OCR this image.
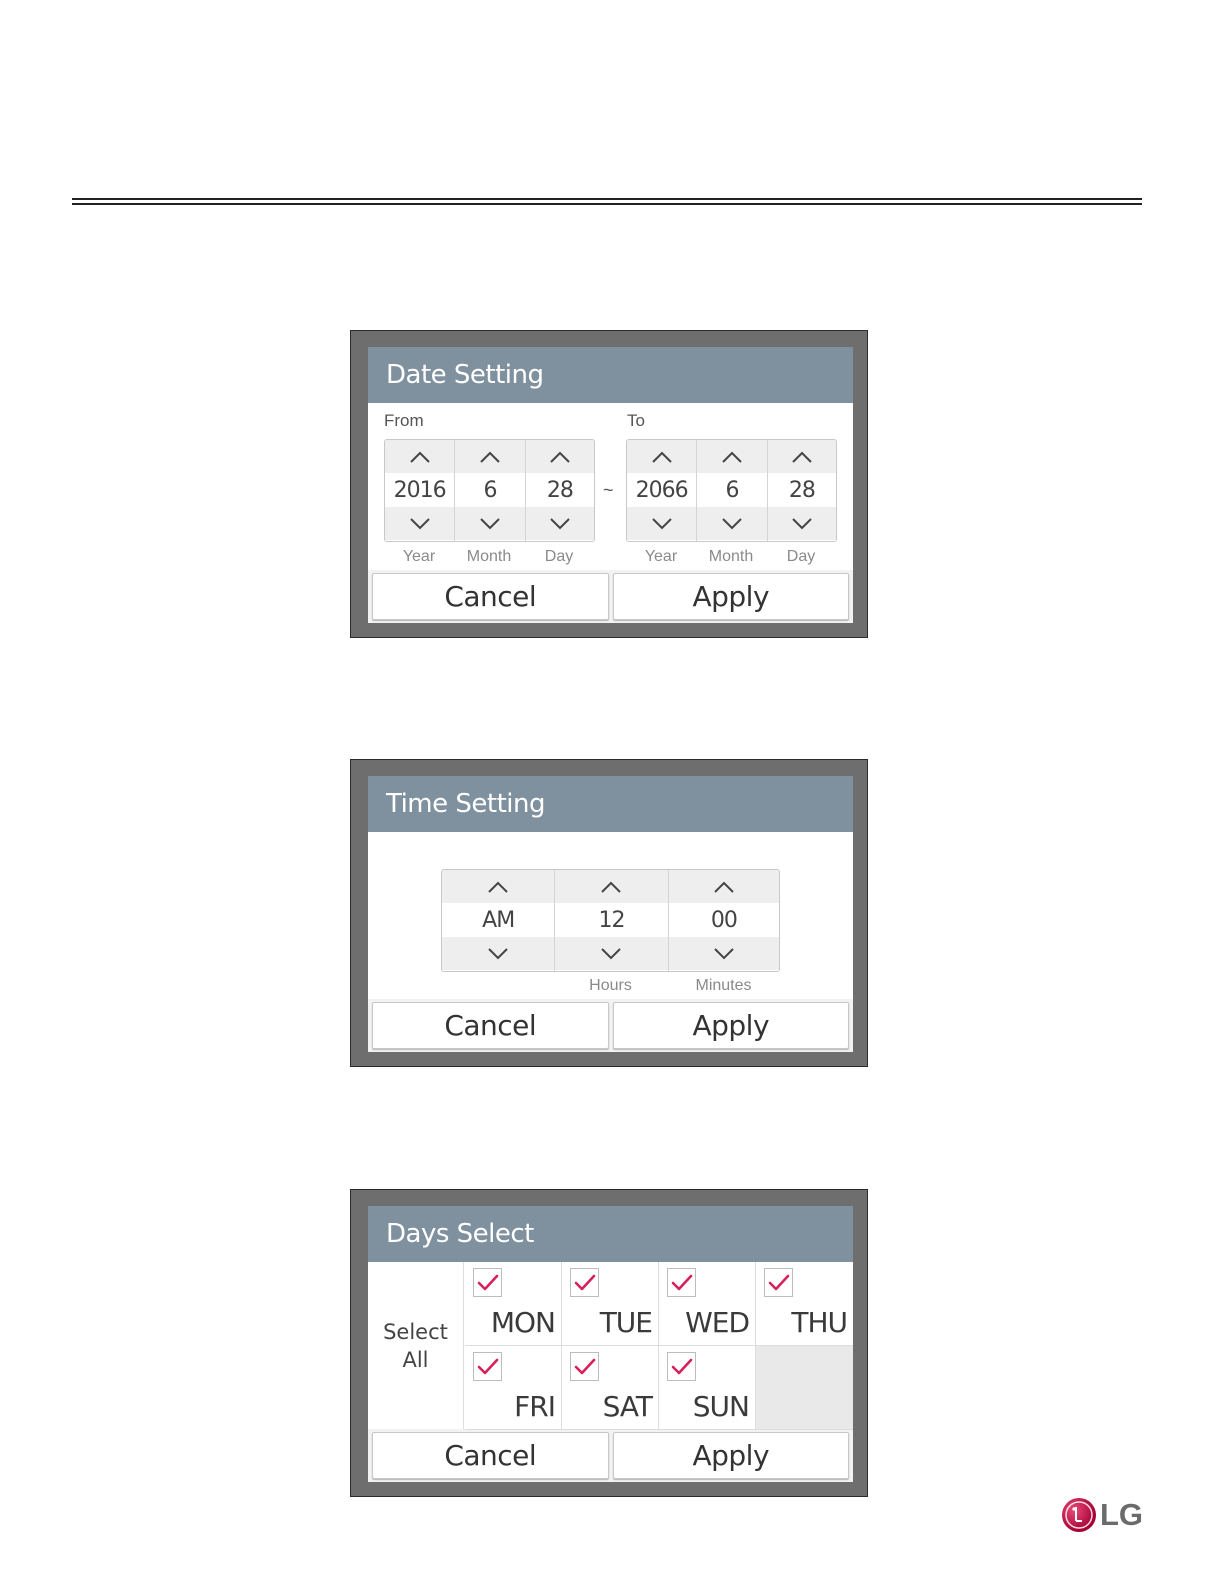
Date Setting
From	To
2016	6	28	~	2066	6	28
Year	Month	Day	Year	Month	Day
Cancel	Apply
Time Setting
AM	12	00
Hours	Minutes
Cancel	Apply
Days Select
Select
All
MON TUE WED THU
FRI SAT SUN
Cancel	Apply
LG
